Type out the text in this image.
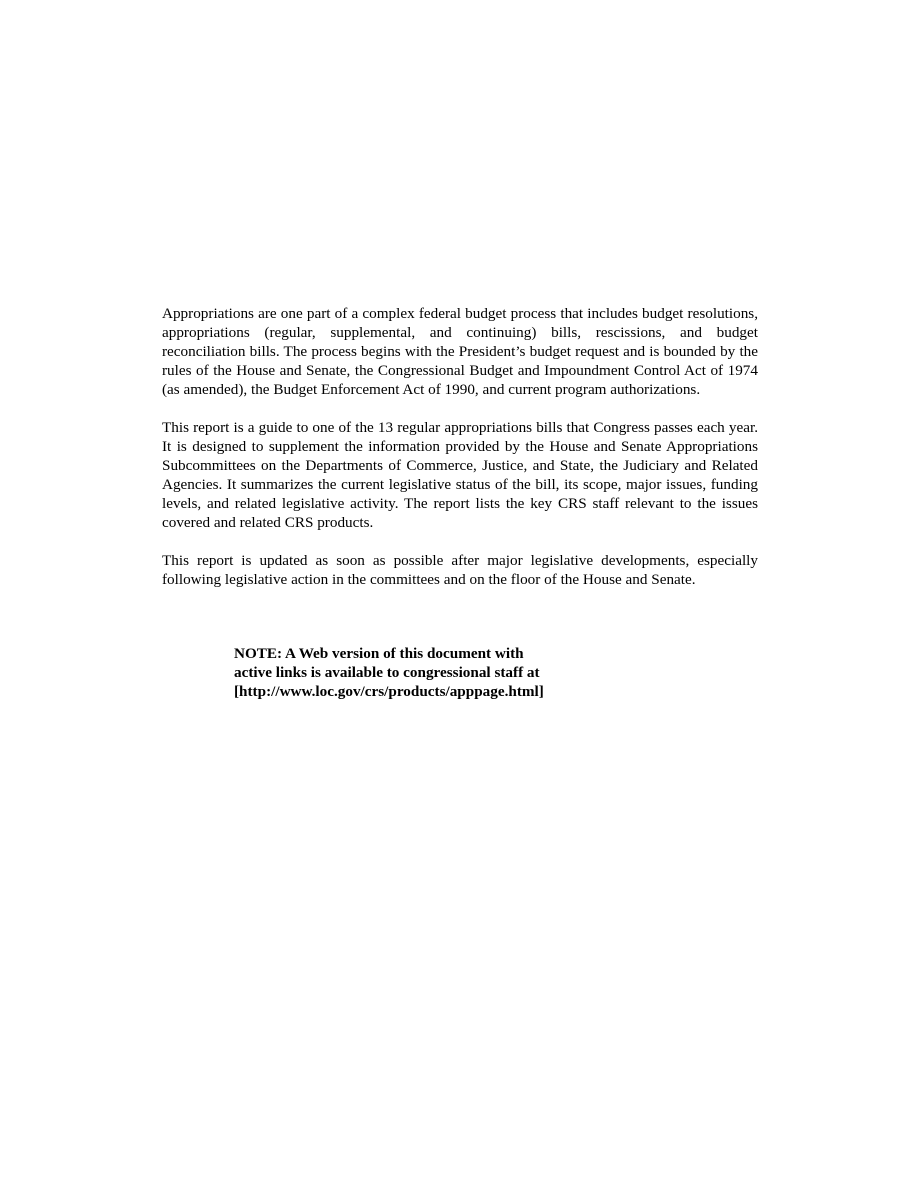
Appropriations are one part of a complex federal budget process that includes budget resolutions, appropriations (regular, supplemental, and continuing) bills, rescissions, and budget reconciliation bills. The process begins with the President’s budget request and is bounded by the rules of the House and Senate, the Congressional Budget and Impoundment Control Act of 1974 (as amended), the Budget Enforcement Act of 1990, and current program authorizations.

This report is a guide to one of the 13 regular appropriations bills that Congress passes each year. It is designed to supplement the information provided by the House and Senate Appropriations Subcommittees on the Departments of Commerce, Justice, and State, the Judiciary and Related Agencies. It summarizes the current legislative status of the bill, its scope, major issues, funding levels, and related legislative activity. The report lists the key CRS staff relevant to the issues covered and related CRS products.

This report is updated as soon as possible after major legislative developments, especially following legislative action in the committees and on the floor of the House and Senate.

NOTE: A Web version of this document with
active links is available to congressional staff at
[http://www.loc.gov/crs/products/apppage.html]
